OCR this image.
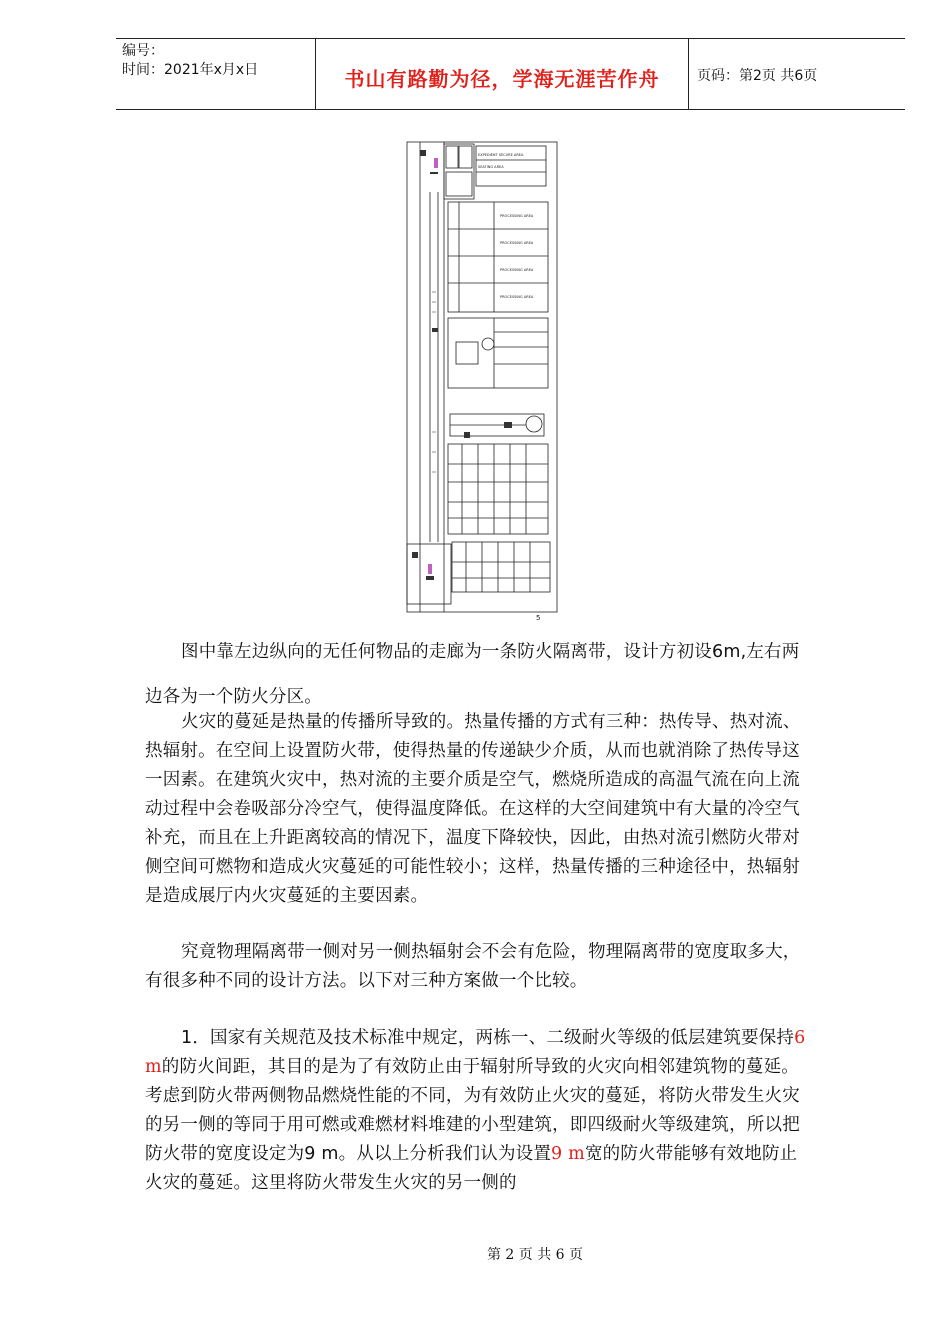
编号：
时间：2021年x月x日	书山有路勤为径，学海无涯苦作舟	页码：第2页 共6页
EXPEDIENT SECURE AREA
SEATING AREA
PROCESSING AREA
PROCESSING AREA
PROCESSING AREA
PROCESSING AREA
5

图中靠左边纵向的无任何物品的走廊为一条防火隔离带，设计方初设6m,左右两边各为一个防火分区。

火灾的蔓延是热量的传播所导致的。热量传播的方式有三种：热传导、热对流、热辐射。在空间上设置防火带，使得热量的传递缺少介质，从而也就消除了热传导这一因素。在建筑火灾中，热对流的主要介质是空气，燃烧所造成的高温气流在向上流动过程中会卷吸部分冷空气，使得温度降低。在这样的大空间建筑中有大量的冷空气补充，而且在上升距离较高的情况下，温度下降较快，因此，由热对流引燃防火带对侧空间可燃物和造成火灾蔓延的可能性较小；这样，热量传播的三种途径中，热辐射是造成展厅内火灾蔓延的主要因素。

究竟物理隔离带一侧对另一侧热辐射会不会有危险，物理隔离带的宽度取多大，有很多种不同的设计方法。以下对三种方案做一个比较。

1．国家有关规范及技术标准中规定，两栋一、二级耐火等级的低层建筑要保持6 m的防火间距，其目的是为了有效防止由于辐射所导致的火灾向相邻建筑物的蔓延。考虑到防火带两侧物品燃烧性能的不同，为有效防止火灾的蔓延，将防火带发生火灾的另一侧的等同于用可燃或难燃材料堆建的小型建筑，即四级耐火等级建筑，所以把防火带的宽度设定为9 m。从以上分析我们认为设置9 m宽的防火带能够有效地防止火灾的蔓延。这里将防火带发生火灾的另一侧的

第 2 页 共 6 页
